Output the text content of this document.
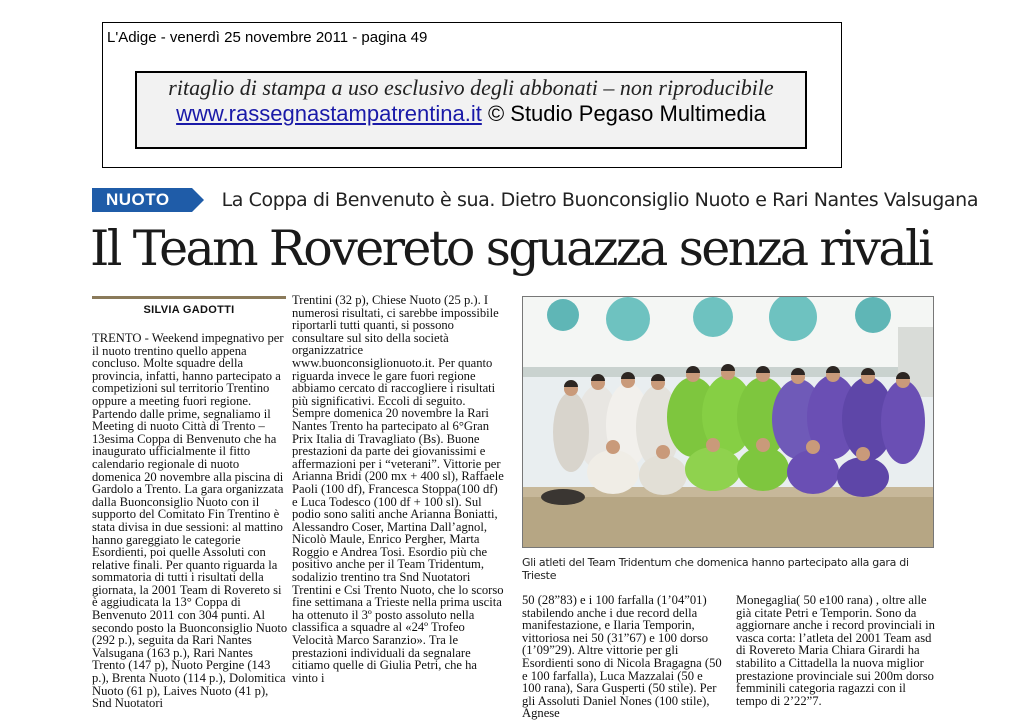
L'Adige - venerdì 25 novembre 2011 - pagina 49
ritaglio di stampa a uso esclusivo degli abbonati – non riproducibile
www.rassegnastampatrentina.it © Studio Pegaso Multimedia
NUOTO	La Coppa di Benvenuto è sua. Dietro Buonconsiglio Nuoto e Rari Nantes Valsugana
Il Team Rovereto sguazza senza rivali
SILVIA GADOTTI
TRENTO - Weekend impegnativo per il nuoto trentino quello appena concluso. Molte squadre della provincia, infatti, hanno partecipato a competizioni sul territorio Trentino oppure a meeting fuori regione. Partendo dalle prime, segnaliamo il Meeting di nuoto Città di Trento – 13esima Coppa di Benvenuto che ha inaugurato ufficialmente il fitto calendario regionale di nuoto domenica 20 novembre alla piscina di Gardolo a Trento. La gara organizzata dalla Buonconsiglio Nuoto con il supporto del Comitato Fin Trentino è stata divisa in due sessioni: al mattino hanno gareggiato le categorie Esordienti, poi quelle Assoluti con relative finali. Per quanto riguarda la sommatoria di tutti i risultati della giornata, la 2001 Team di Rovereto si è aggiudicata la 13° Coppa di Benvenuto 2011 con 304 punti. Al secondo posto la Buonconsiglio Nuoto (292 p.), seguita da Rari Nantes Valsugana (163 p.), Rari Nantes Trento (147 p), Nuoto Pergine (143 p.), Brenta Nuoto (114 p.), Dolomitica Nuoto (61 p), Laives Nuoto (41 p), Snd Nuotatori
Trentini (32 p), Chiese Nuoto (25 p.). I numerosi risultati, ci sarebbe impossibile riportarli tutti quanti, si possono consultare sul sito della società organizzatrice www.buonconsiglionuoto.it. Per quanto riguarda invece le gare fuori regione abbiamo cercato di raccogliere i risultati più significativi. Eccoli di seguito. Sempre domenica 20 novembre la Rari Nantes Trento ha partecipato al 6°Gran Prix Italia di Travagliato (Bs). Buone prestazioni da parte dei giovanissimi e affermazioni per i “veterani”. Vittorie per Arianna Bridi (200 mx + 400 sl), Raffaele Paoli (100 df), Francesca Stoppa(100 df) e Luca Todesco (100 df + 100 sl). Sul podio sono saliti anche Arianna Boniatti, Alessandro Coser, Martina Dall’agnol, Nicolò Maule, Enrico Pergher, Marta Roggio e Andrea Tosi. Esordio più che positivo anche per il Team Tridentum, sodalizio trentino tra Snd Nuotatori Trentini e Csi Trento Nuoto, che lo scorso fine settimana a Trieste nella prima uscita ha ottenuto il 3º posto assoluto nella classifica a squadre al «24º Trofeo Velocità Marco Saranzio». Tra le prestazioni individuali da segnalare citiamo quelle di Giulia Petri, che ha vinto i
Gli atleti del Team Tridentum che domenica hanno partecipato alla gara di Trieste
50 (28”83) e i 100 farfalla (1’04”01) stabilendo anche i due record della manifestazione, e Ilaria Temporin, vittoriosa nei 50 (31”67) e 100 dorso (1’09”29). Altre vittorie per gli Esordienti sono di Nicola Bragagna (50 e 100 farfalla), Luca Mazzalai (50 e 100 rana), Sara Gusperti (50 stile). Per gli Assoluti Daniel Nones (100 stile), Agnese
Monegaglia( 50 e100 rana) , oltre alle già citate Petri e Temporin. Sono da aggiornare anche i record provinciali in vasca corta: l’atleta del 2001 Team asd di Rovereto Maria Chiara Girardi ha stabilito a Cittadella la nuova miglior prestazione provinciale sui 200m dorso femminili categoria ragazzi con il tempo di 2’22”7.
